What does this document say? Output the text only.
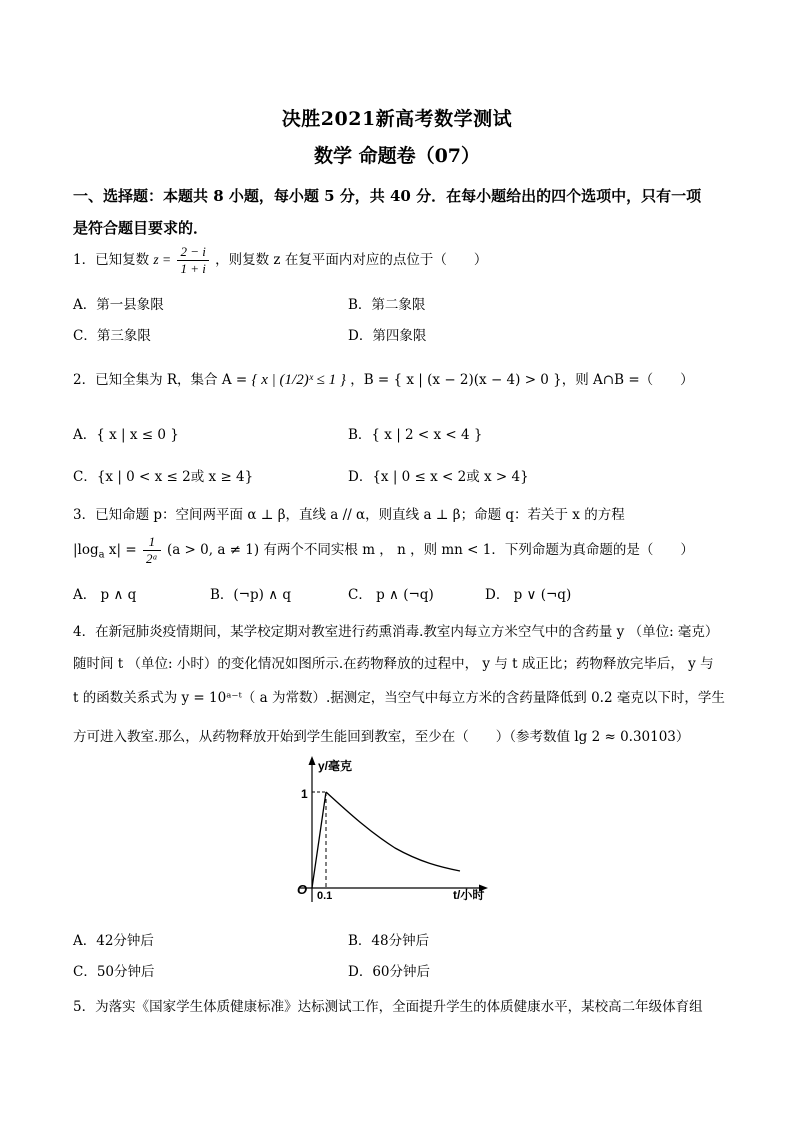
决胜2021新高考数学测试
数学 命题卷（07）
一、选择题：本题共 8 小题，每小题 5 分，共 40 分．在每小题给出的四个选项中，只有一项
是符合题目要求的．
1．已知复数 $z = \frac{2 - i}{1 + i}$ ，则复数 z 在复平面内对应的点位于（　　）
A．第一县象限	B．第二象限
C．第三象限	D．第四象限
2．已知全集为 R，集合 A = { x | (1/2)ˣ ≤ 1 } ，B = { x | (x − 2)(x − 4) > 0 }，则 A∩B =（　　）
A．{ x | x ≤ 0 }	B．{ x | 2 < x < 4 }
C．{x | 0 < x ≤ 2或 x ≥ 4}	D．{x | 0 ≤ x < 2或 x > 4}
3．已知命题 p：空间两平面 α ⊥ β，直线 a // α，则直线 a ⊥ β；命题 q：若关于 x 的方程
$|\log_a$ $x| = \frac{1}{\text{2ᵃ}} (a > 0$, a ≠ 1) 有两个不同实根 m ， n ，则 mn < 1．下列命题为真命题的是（　　）
A． p ∧ q	B．(¬p) ∧ q	C． p ∧ (¬q)	D． p ∨ (¬q)
4．在新冠肺炎疫情期间，某学校定期对教室进行药熏消毒.教室内每立方米空气中的含药量 y （单位: 毫克）
随时间 t （单位: 小时）的变化情况如图所示.在药物释放的过程中， y 与 t 成正比；药物释放完毕后， y 与
t 的函数关系式为 y = 10ᵃ⁻ᵗ（ a 为常数）.据测定，当空气中每立方米的含药量降低到 0.2 毫克以下时，学生
方可进入教室.那么，从药物释放开始到学生能回到教室，至少在（　　）（参考数值 lg 2 ≈ 0.30103）
y/毫克
t/小时
O
1
0.1
A．42分钟后	B．48分钟后
C．50分钟后	D．60分钟后
5．为落实《国家学生体质健康标准》达标测试工作，全面提升学生的体质健康水平，某校高二年级体育组
